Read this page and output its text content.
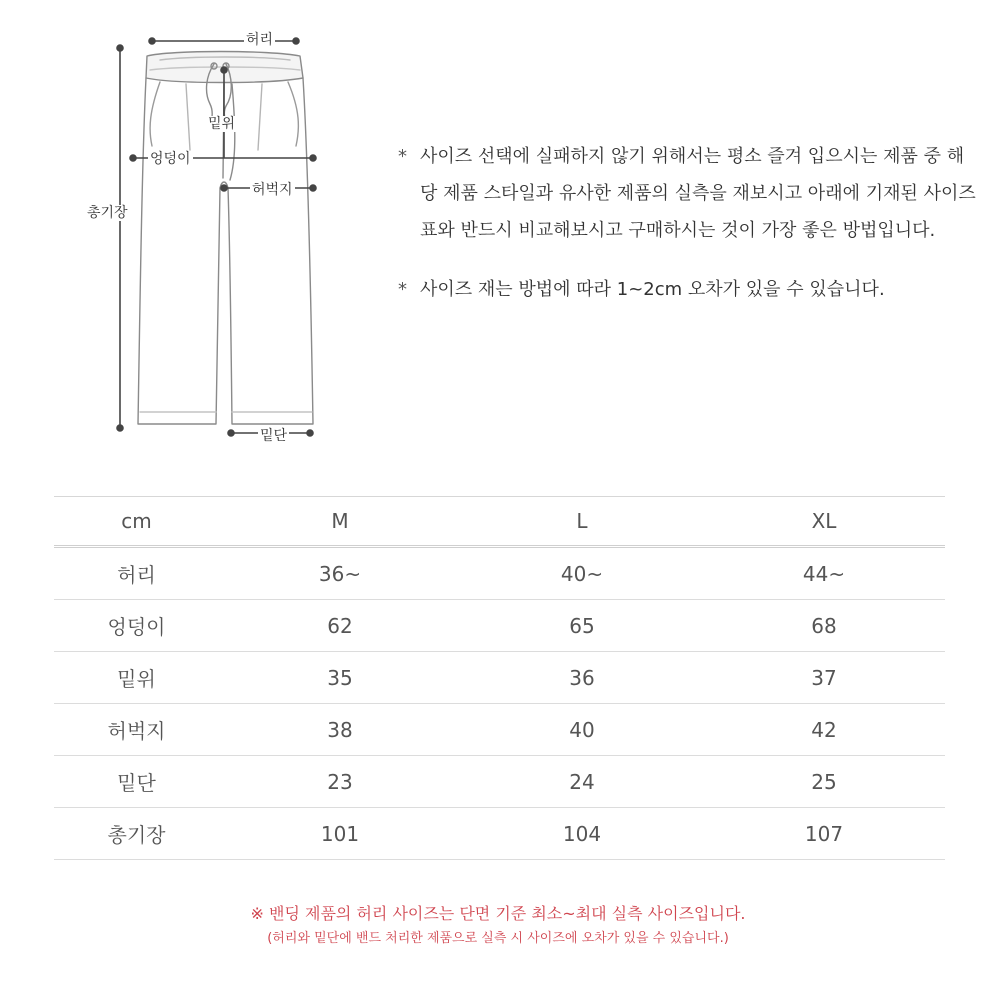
허리
밑위
엉덩이
허벅지
총기장
밑단
* 사이즈 선택에 실패하지 않기 위해서는 평소 즐겨 입으시는 제품 중 해당 제품 스타일과 유사한 제품의 실측을 재보시고 아래에 기재된 사이즈표와 반드시 비교해보시고 구매하시는 것이 가장 좋은 방법입니다.
* 사이즈 재는 방법에 따라 1~2cm 오차가 있을 수 있습니다.
cm	M	L	XL
허리	36~	40~	44~
엉덩이	62	65	68
밑위	35	36	37
허벅지	38	40	42
밑단	23	24	25
총기장	101	104	107
※ 밴딩 제품의 허리 사이즈는 단면 기준 최소~최대 실측 사이즈입니다.
(허리와 밑단에 밴드 처리한 제품으로 실측 시 사이즈에 오차가 있을 수 있습니다.)
